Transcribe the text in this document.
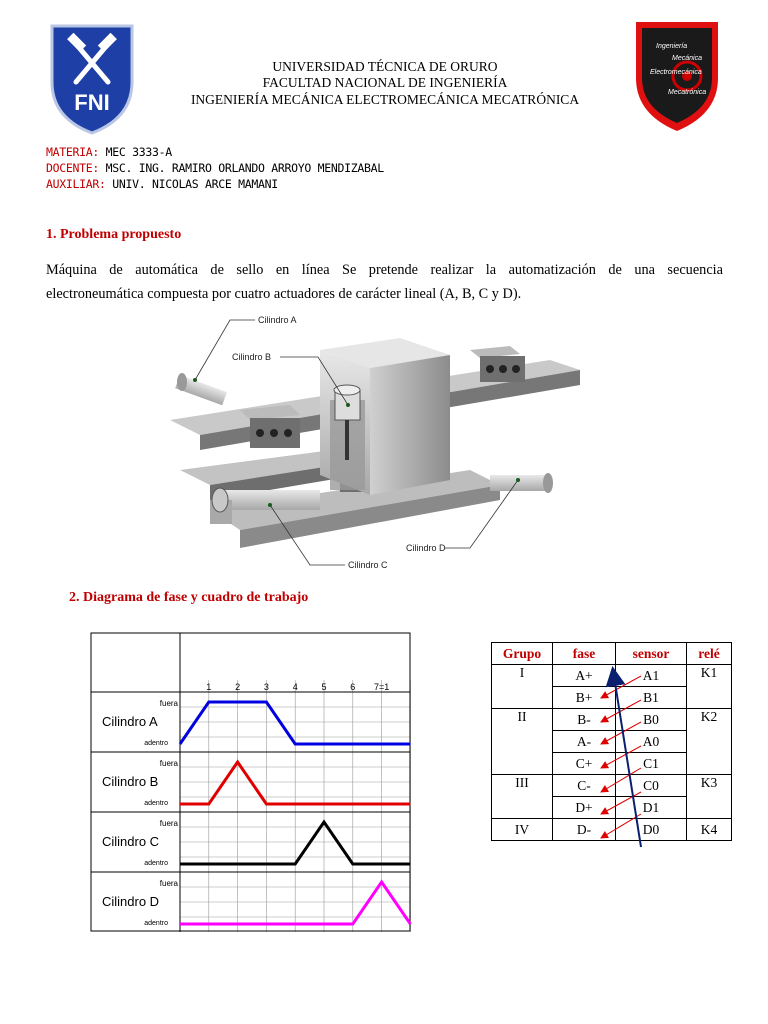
FNI
Ingeniería
Mecánica
Electromecánica
Mecatrónica
UNIVERSIDAD TÉCNICA DE ORURO
FACULTAD NACIONAL DE INGENIERÍA
INGENIERÍA MECÁNICA ELECTROMECÁNICA MECATRÓNICA
MATERIA: MEC 3333-A
DOCENTE: MSC. ING. RAMIRO ORLANDO ARROYO MENDIZABAL
AUXILIAR: UNIV. NICOLAS ARCE MAMANI
1. Problema propuesto
Máquina de automática de sello en línea Se pretende realizar la automatización de una secuencia
electroneumática compuesta por cuatro actuadores de carácter lineal (A, B, C y D).
Cilindro A
Cilindro B
Cilindro C
Cilindro D
2. Diagrama de fase y cuadro de trabajo
1	2	3	4	5	6 7=1
fuera
Cilindro A
adentro
fuera
Cilindro B
adentro
fuera
Cilindro C
adentro
fuera
Cilindro D
adentro
Grupo	fase	sensor	relé
I	A+	A1	K1
	B+	B1	
II	B-	B0	K2
	A-	A0	
	C+	C1	
III	C-	C0	K3
	D+	D1	
IV	D-	D0	K4
